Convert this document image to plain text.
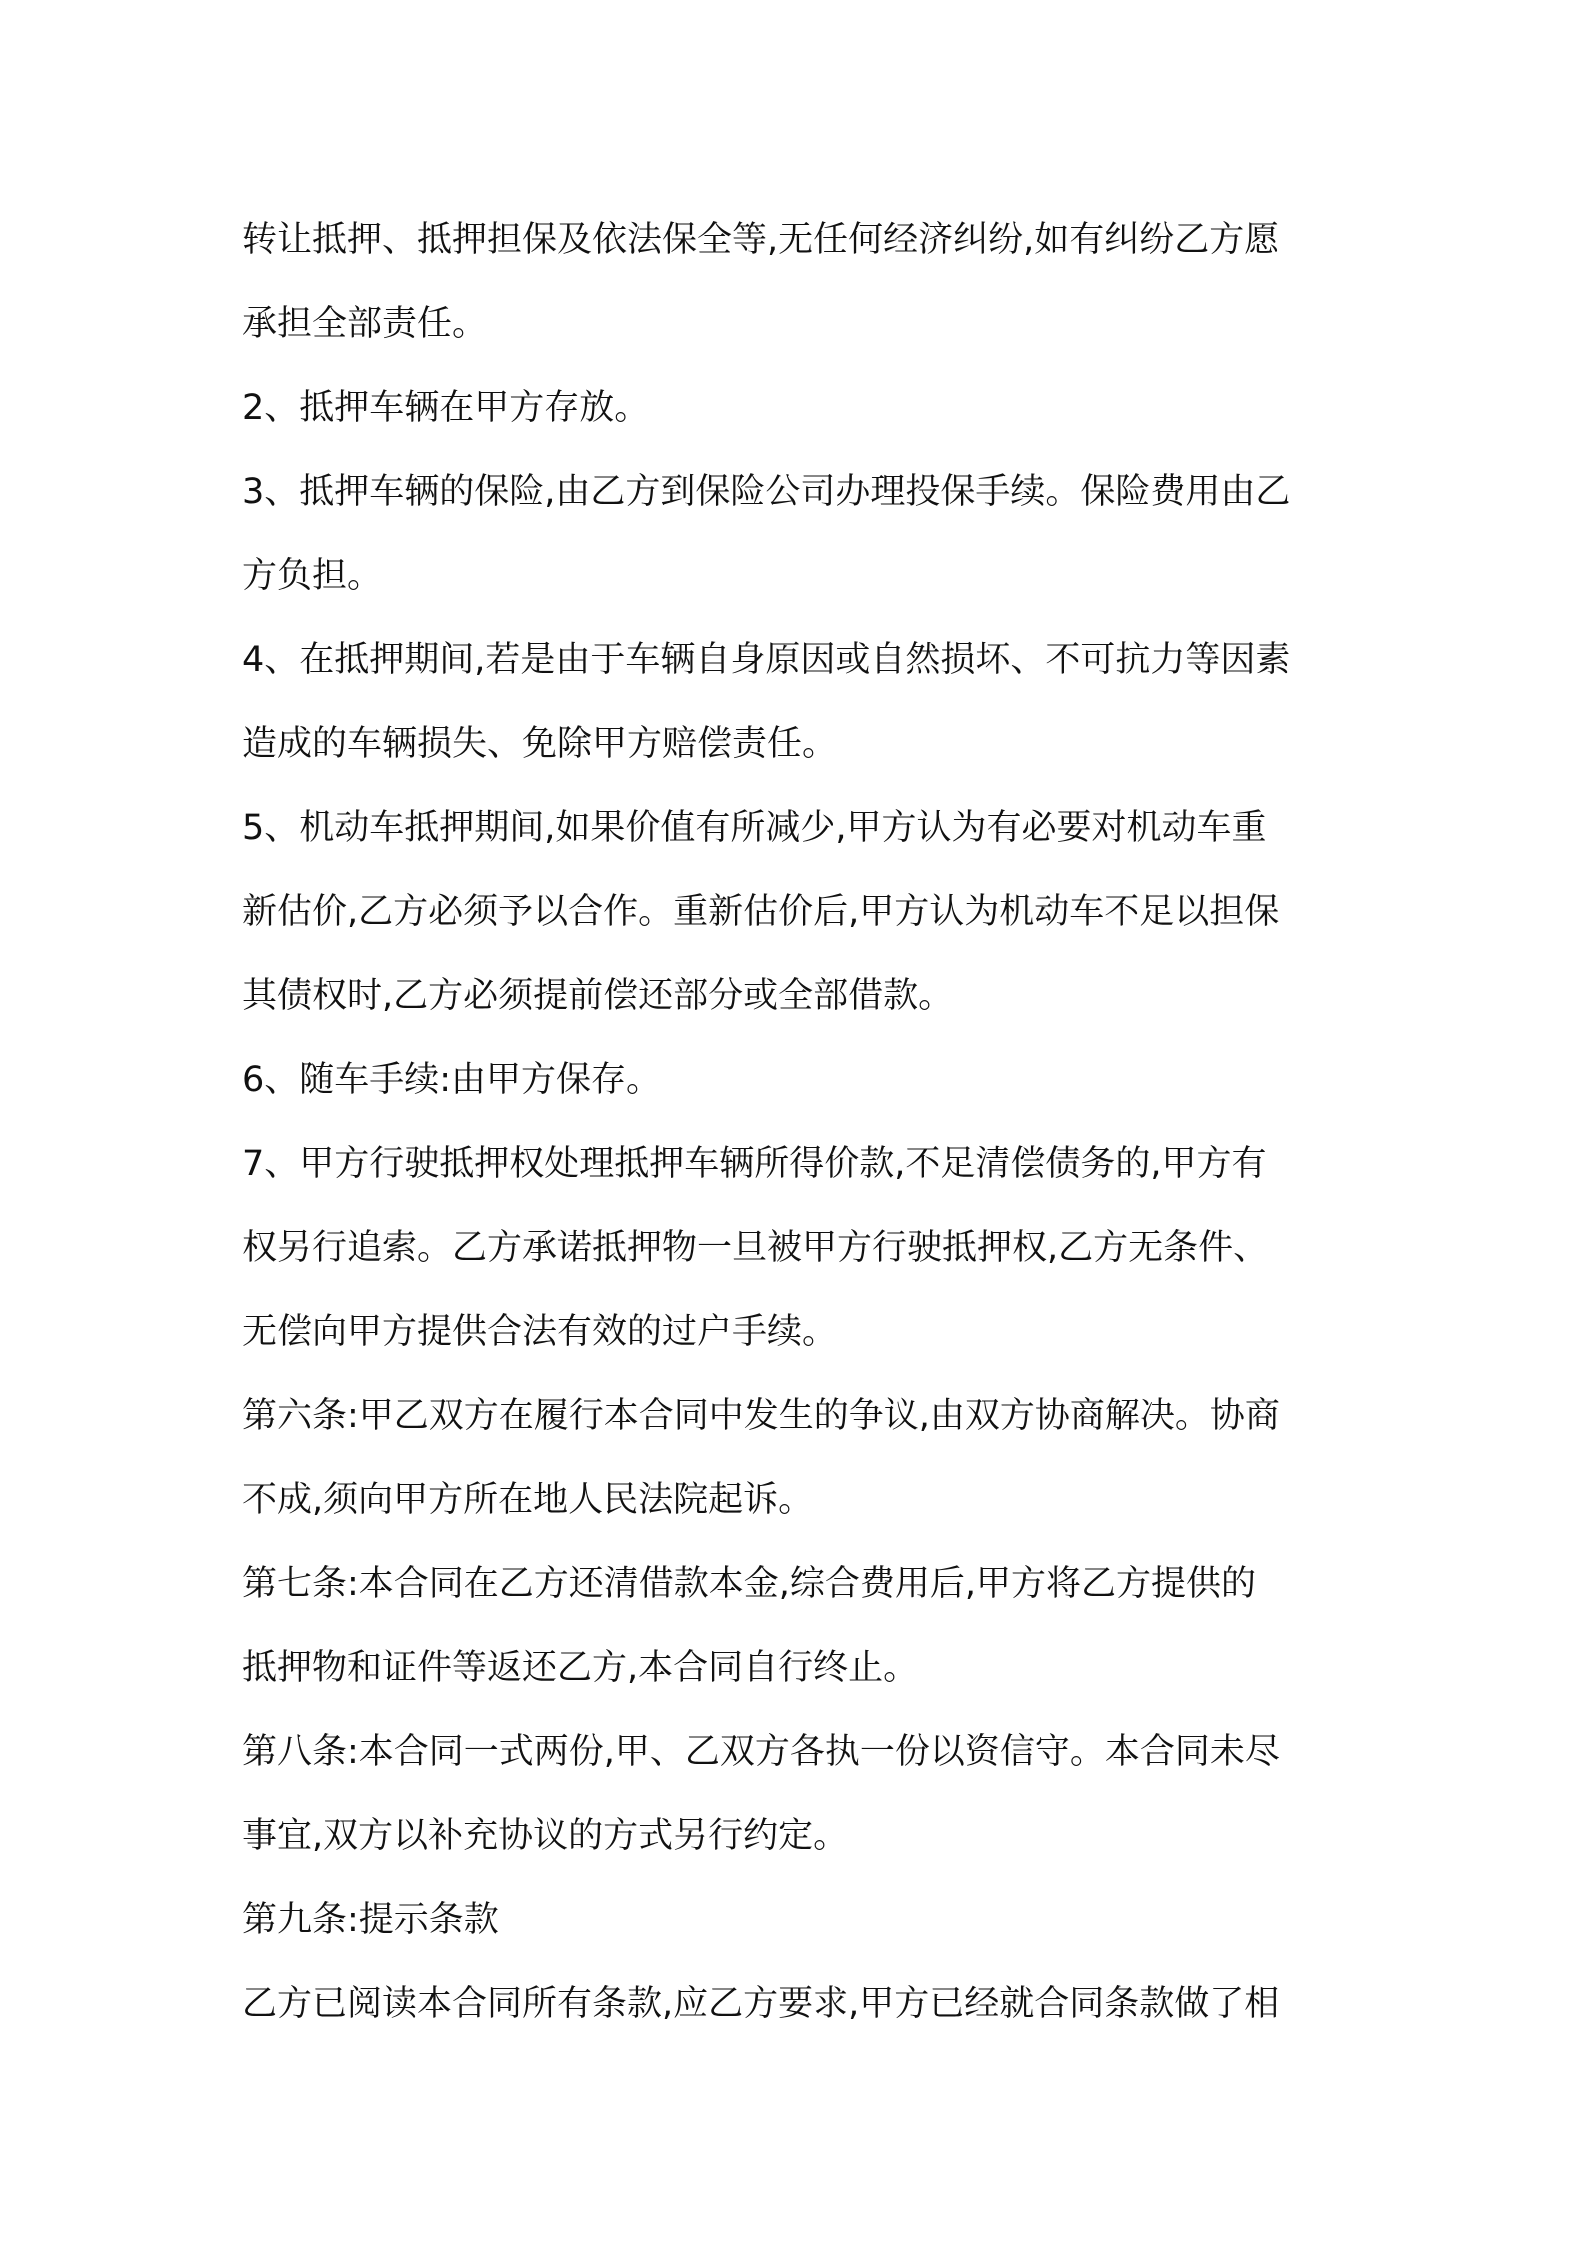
转让抵押、抵押担保及依法保全等,无任何经济纠纷,如有纠纷乙方愿
承担全部责任。
2、抵押车辆在甲方存放。
3、抵押车辆的保险,由乙方到保险公司办理投保手续。保险费用由乙
方负担。
4、在抵押期间,若是由于车辆自身原因或自然损坏、不可抗力等因素
造成的车辆损失、免除甲方赔偿责任。
5、机动车抵押期间,如果价值有所减少,甲方认为有必要对机动车重
新估价,乙方必须予以合作。重新估价后,甲方认为机动车不足以担保
其债权时,乙方必须提前偿还部分或全部借款。
6、随车手续:由甲方保存。
7、甲方行驶抵押权处理抵押车辆所得价款,不足清偿债务的,甲方有
权另行追索。乙方承诺抵押物一旦被甲方行驶抵押权,乙方无条件、
无偿向甲方提供合法有效的过户手续。
第六条:甲乙双方在履行本合同中发生的争议,由双方协商解决。协商
不成,须向甲方所在地人民法院起诉。
第七条:本合同在乙方还清借款本金,综合费用后,甲方将乙方提供的
抵押物和证件等返还乙方,本合同自行终止。
第八条:本合同一式两份,甲、乙双方各执一份以资信守。本合同未尽
事宜,双方以补充协议的方式另行约定。
第九条:提示条款
乙方已阅读本合同所有条款,应乙方要求,甲方已经就合同条款做了相
